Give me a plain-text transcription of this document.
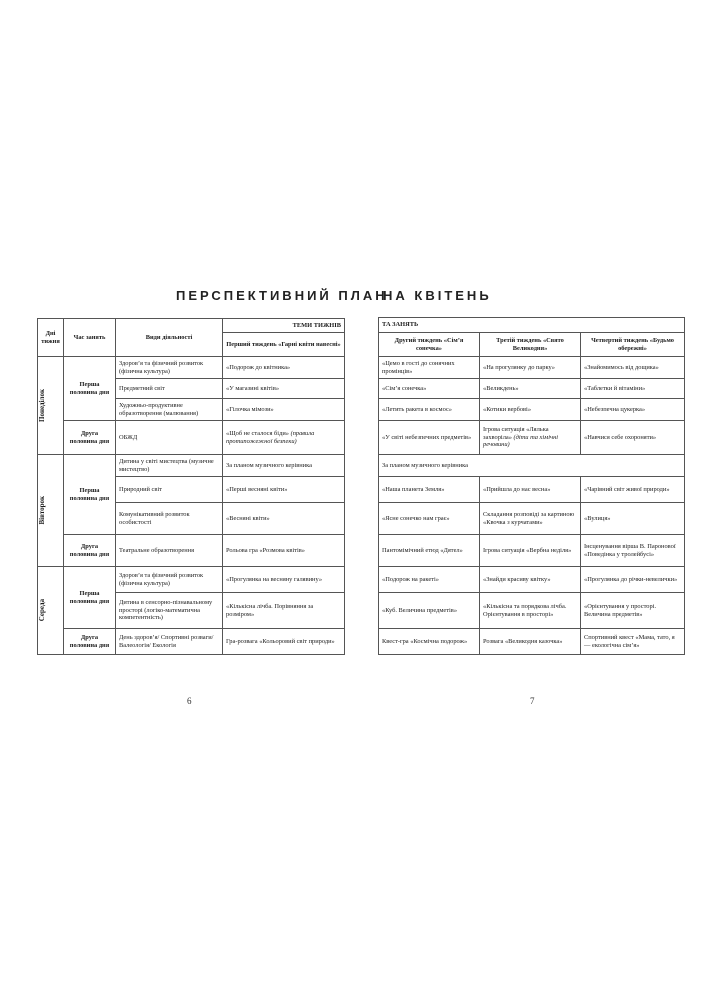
ПЕРСПЕКТИВНИЙ ПЛАН
НА КВІТЕНЬ
Дні тижня	Час занять	Види діяльності	ТЕМИ ТИЖНІВ
			Перший тиждень «Гарні квіти навесні»

Понеділок	Перша половина дня	Здоров’я та фізичний розвиток (фізична культура)	«Подорож до квітника»
		Предметний світ	«У магазині квітів»
		Художньо-продуктивне образотворення (малювання)	«Гілочка мімози»
	Друга половина дня	ОБЖД	«Щоб не сталося біди» (правила протипожежної безпеки)

Вівторок	Перша половина дня	Дитина у світі мистецтва (музичне мистецтво)	За планом музичного керівника
		Природний світ	«Перші весняні квіти»
		Комунікативний розвиток особистості	«Весняні квіти»
	Друга половина дня	Театральне образотворення	Рольова гра «Розмова квітів»

Середа	Перша половина дня	Здоров’я та фізичний розвиток (фізична культура)	«Прогулянка на весняну галявину»
		Дитина в сенсорно-пізнавальному просторі (логіко-математична компетентність)	«Кількісна лічба. Порівняння за розміром»
	Друга половина дня	День здоров’я/ Спортивні розваги/ Валеологія/ Екологія	Гра-розвага «Кольоровий світ природи»
ТА ЗАНЯТЬ		
Другий тиждень «Сім’я сонечка»	Третій тиждень «Свято Великодня»	Четвертий тиждень «Будьмо обережні»
«Цемо в гості до сонячних промінців»	«На прогулянку до парку»	«Знайомимось від дощика»
«Сім’я сонечка»	«Великдень»	«Таблетки й вітаміни»
«Летить ракета в космос»	«Котики вербові»	«Небезпечна цукерка»
«У світі небезпечних предметів»	Ігрова ситуація «Лялька захворіла» (діти та хімічні речовини)	«Навчися себе охороняти»
За планом музичного керівника		
«Наша планета Земля»	«Прийшла до нас весна»	«Чарівний світ живої природи»
«Ясне сонечко нам грає»	Складання розповіді за картиною «Квочка з курчатами»	«Вулиця»
Пантомімічний етюд «Дятел»	Ігрова ситуація «Вербна неділя»	Інсценування вірша В. Паронової «Поведінка у тролейбусі»
«Подорож на ракеті»	«Знайди красиву квітку»	«Прогулянка до річки-невелички»
«Куб. Величина предметів»	«Кількісна та порядкова лічба. Орієнтування в просторі»	«Орієнтування у просторі. Величина предметів»
Квест-гра «Космічна подорож»	Розвага «Великодня казочка»	Спортивний квест «Мама, тато, я — екологічна сім’я»
6	7
